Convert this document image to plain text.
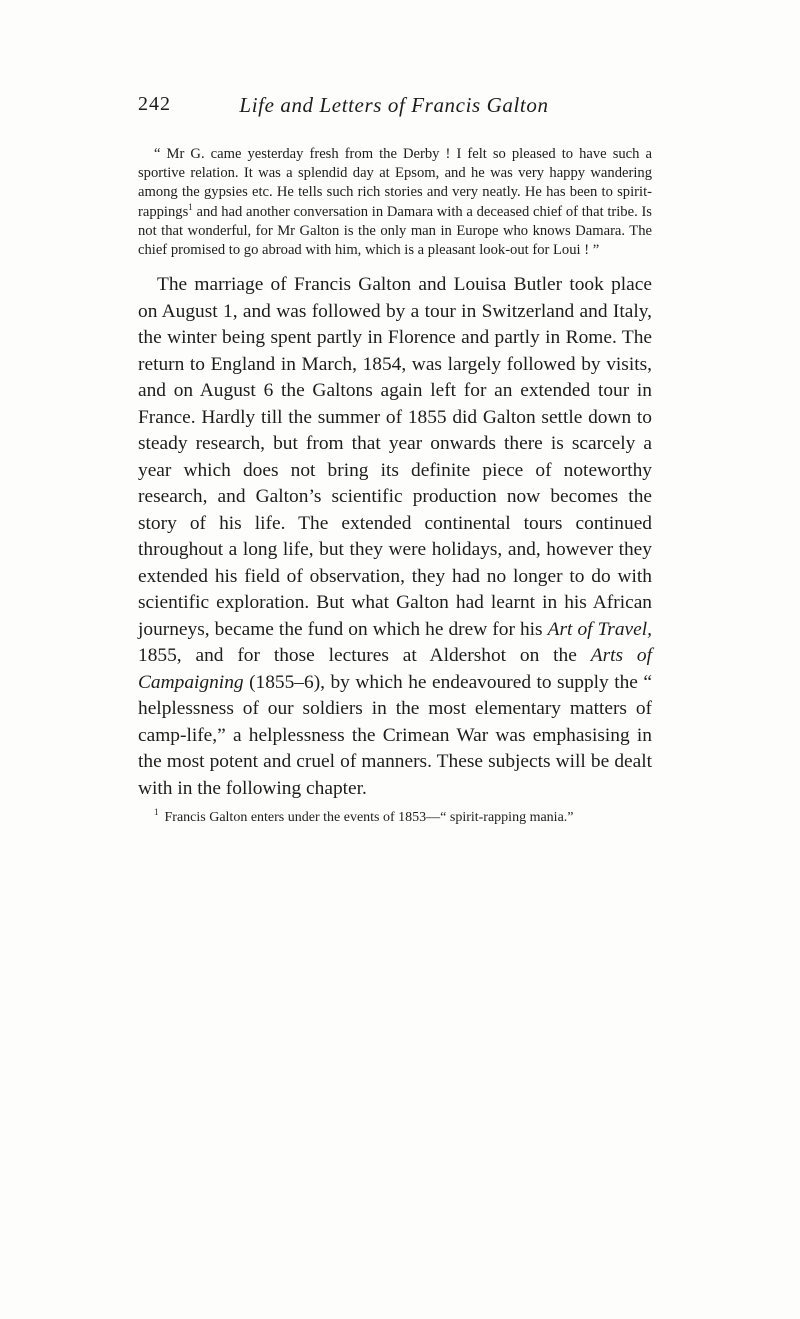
242	Life and Letters of Francis Galton

“ Mr G. came yesterday fresh from the Derby ! I felt so pleased to have such a sportive relation. It was a splendid day at Epsom, and he was very happy wandering among the gypsies etc. He tells such rich stories and very neatly. He has been to spirit-rappings$^1$ and had another conversation in Damara with a deceased chief of that tribe. Is not that wonderful, for Mr Galton is the only man in Europe who knows Damara. The chief promised to go abroad with him, which is a pleasant look-out for Loui ! ”

The marriage of Francis Galton and Louisa Butler took place on August 1, and was followed by a tour in Switzerland and Italy, the winter being spent partly in Florence and partly in Rome. The return to England in March, 1854, was largely followed by visits, and on August 6 the Galtons again left for an extended tour in France. Hardly till the summer of 1855 did Galton settle down to steady research, but from that year onwards there is scarcely a year which does not bring its definite piece of noteworthy research, and Galton’s scientific production now becomes the story of his life. The extended continental tours continued throughout a long life, but they were holidays, and, however they extended his field of observation, they had no longer to do with scientific exploration. But what Galton had learnt in his African journeys, became the fund on which he drew for his Art of Travel, 1855, and for those lectures at Aldershot on the Arts of Campaigning (1855–6), by which he endeavoured to supply the “ helplessness of our soldiers in the most elementary matters of camp-life,” a helplessness the Crimean War was emphasising in the most potent and cruel of manners. These subjects will be dealt with in the following chapter.

$^1$ Francis Galton enters under the events of 1853—“ spirit-rapping mania.”
